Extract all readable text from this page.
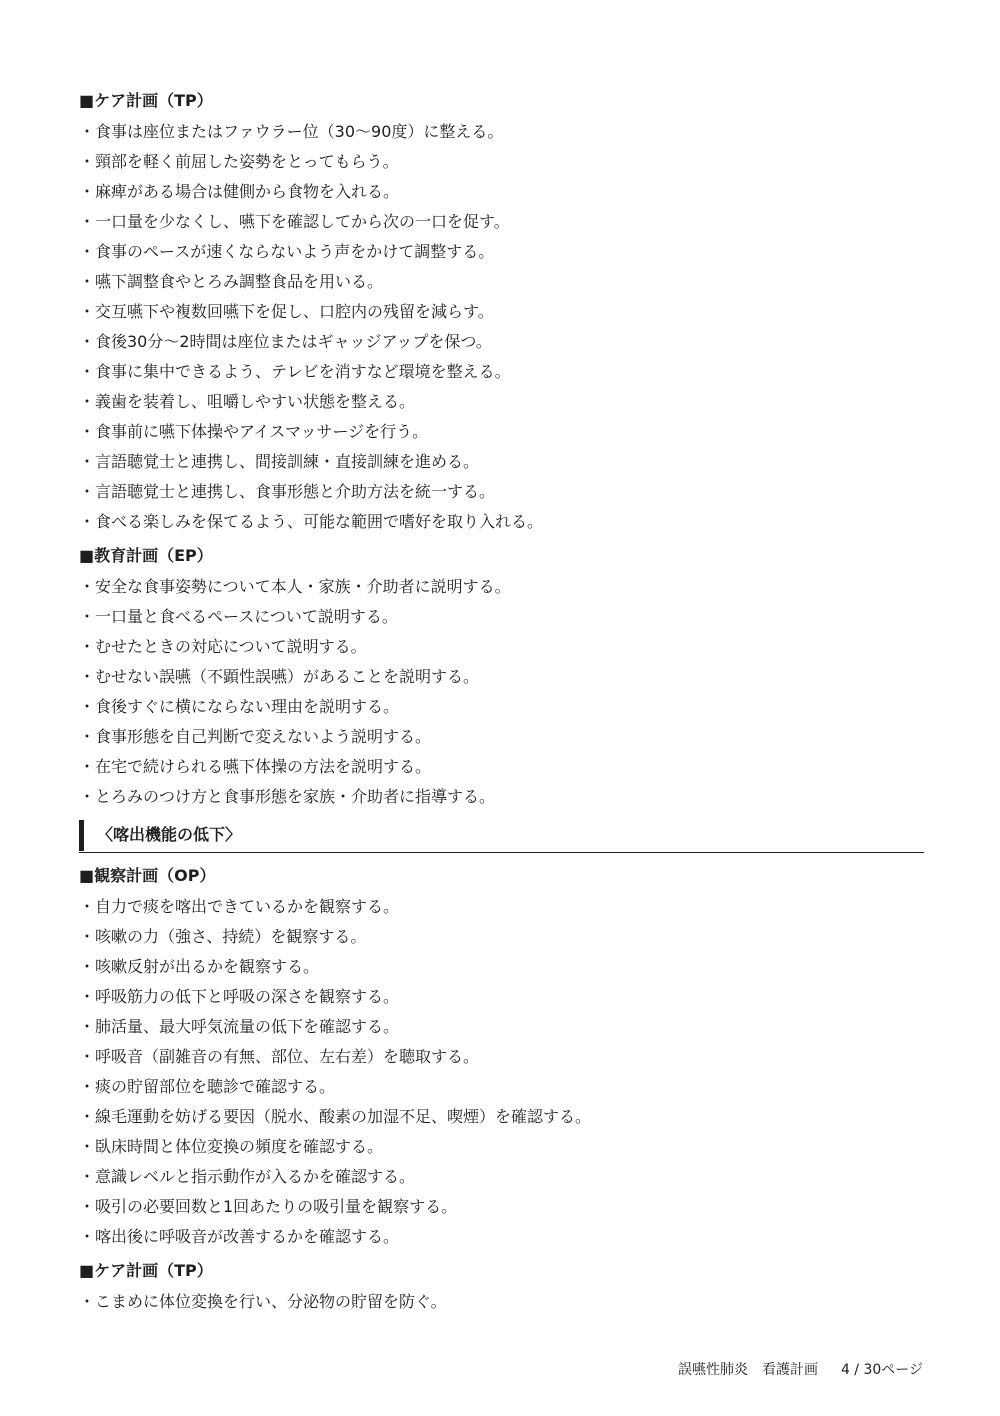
■ケア計画（TP）
・食事は座位またはファウラー位（30〜90度）に整える。
・頸部を軽く前屈した姿勢をとってもらう。
・麻痺がある場合は健側から食物を入れる。
・一口量を少なくし、嚥下を確認してから次の一口を促す。
・食事のペースが速くならないよう声をかけて調整する。
・嚥下調整食やとろみ調整食品を用いる。
・交互嚥下や複数回嚥下を促し、口腔内の残留を減らす。
・食後30分〜2時間は座位またはギャッジアップを保つ。
・食事に集中できるよう、テレビを消すなど環境を整える。
・義歯を装着し、咀嚼しやすい状態を整える。
・食事前に嚥下体操やアイスマッサージを行う。
・言語聴覚士と連携し、間接訓練・直接訓練を進める。
・言語聴覚士と連携し、食事形態と介助方法を統一する。
・食べる楽しみを保てるよう、可能な範囲で嗜好を取り入れる。
■教育計画（EP）
・安全な食事姿勢について本人・家族・介助者に説明する。
・一口量と食べるペースについて説明する。
・むせたときの対応について説明する。
・むせない誤嚥（不顕性誤嚥）があることを説明する。
・食後すぐに横にならない理由を説明する。
・食事形態を自己判断で変えないよう説明する。
・在宅で続けられる嚥下体操の方法を説明する。
・とろみのつけ方と食事形態を家族・介助者に指導する。
〈喀出機能の低下〉
■観察計画（OP）
・自力で痰を喀出できているかを観察する。
・咳嗽の力（強さ、持続）を観察する。
・咳嗽反射が出るかを観察する。
・呼吸筋力の低下と呼吸の深さを観察する。
・肺活量、最大呼気流量の低下を確認する。
・呼吸音（副雑音の有無、部位、左右差）を聴取する。
・痰の貯留部位を聴診で確認する。
・線毛運動を妨げる要因（脱水、酸素の加湿不足、喫煙）を確認する。
・臥床時間と体位変換の頻度を確認する。
・意識レベルと指示動作が入るかを確認する。
・吸引の必要回数と1回あたりの吸引量を観察する。
・喀出後に呼吸音が改善するかを確認する。
■ケア計画（TP）
・こまめに体位変換を行い、分泌物の貯留を防ぐ。
誤嚥性肺炎　看護計画 4 / 30ページ
